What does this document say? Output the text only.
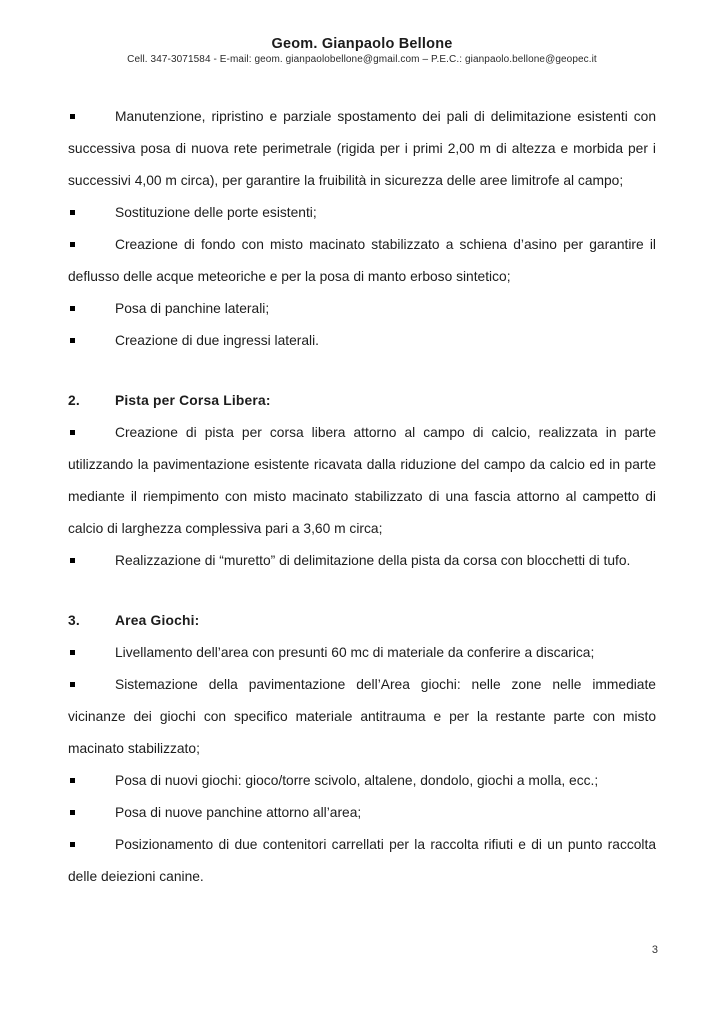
Geom. Gianpaolo Bellone
Cell. 347-3071584 - E-mail: geom. gianpaolobellone@gmail.com – P.E.C.: gianpaolo.bellone@geopec.it
Manutenzione, ripristino e parziale spostamento dei pali di delimitazione esistenti con successiva posa di nuova rete perimetrale (rigida per i primi 2,00 m di altezza e morbida per i successivi 4,00 m circa), per garantire la fruibilità in sicurezza delle aree limitrofe al campo;
Sostituzione delle porte esistenti;
Creazione di fondo con misto macinato stabilizzato a schiena d’asino per garantire il deflusso delle acque meteoriche e per la posa di manto erboso sintetico;
Posa di panchine laterali;
Creazione di due ingressi laterali.
2.	Pista per Corsa Libera:
Creazione di pista per corsa libera attorno al campo di calcio, realizzata in parte utilizzando la pavimentazione esistente ricavata dalla riduzione del campo da calcio ed in parte mediante il riempimento con misto macinato stabilizzato di una fascia attorno al campetto di calcio di larghezza complessiva pari a 3,60 m circa;
Realizzazione di “muretto” di delimitazione della pista da corsa con blocchetti di tufo.
3.	Area Giochi:
Livellamento dell’area con presunti 60 mc di materiale da conferire a discarica;
Sistemazione della pavimentazione dell’Area giochi: nelle zone nelle immediate vicinanze dei giochi con specifico materiale antitrauma e per la restante parte con misto macinato stabilizzato;
Posa di nuovi giochi: gioco/torre scivolo, altalene, dondolo, giochi a molla, ecc.;
Posa di nuove panchine attorno all’area;
Posizionamento di due contenitori carrellati per la raccolta rifiuti e di un punto raccolta delle deiezioni canine.
3
